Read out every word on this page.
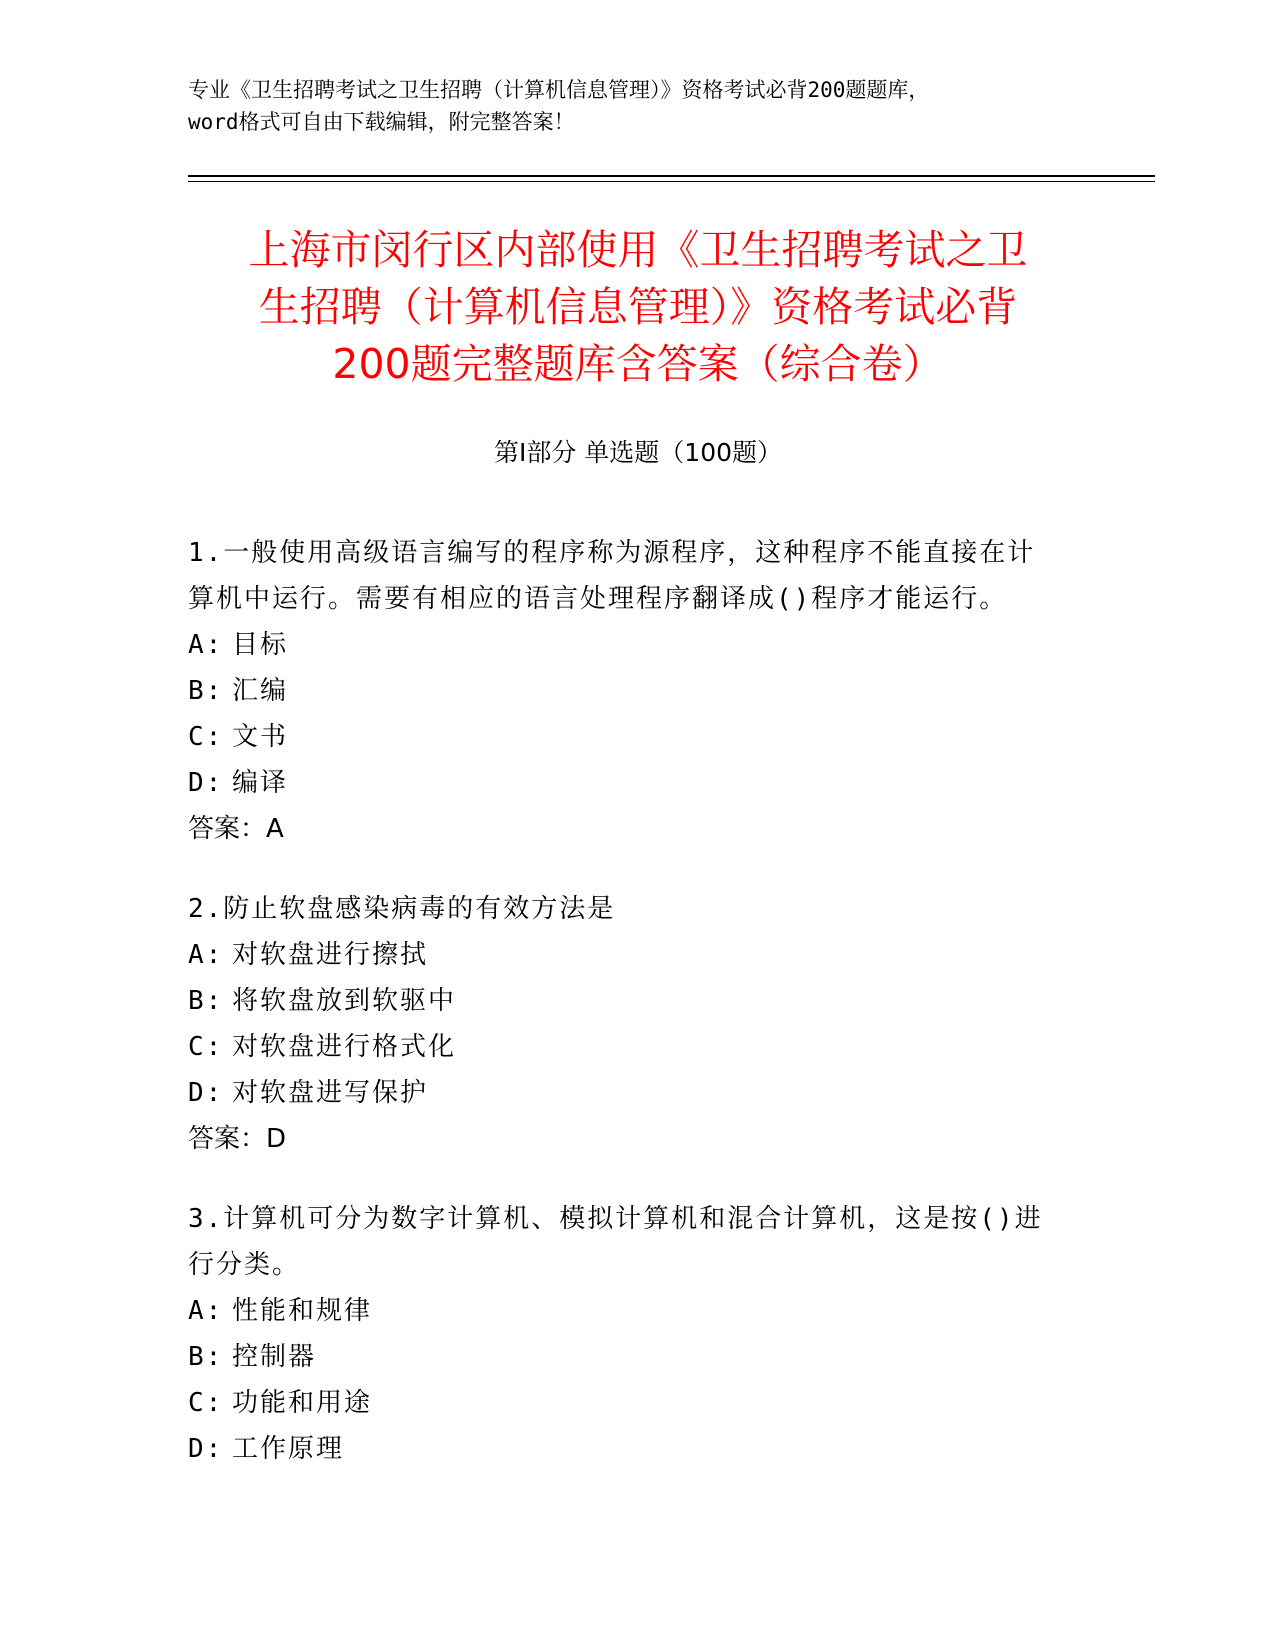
专业《卫生招聘考试之卫生招聘（计算机信息管理）》资格考试必背200题题库，
word格式可自由下载编辑，附完整答案！
上海市闵行区内部使用《卫生招聘考试之卫
生招聘（计算机信息管理）》资格考试必背
200题完整题库含答案（综合卷）
第Ⅰ部分 单选题（100题）
1.一般使用高级语言编写的程序称为源程序，这种程序不能直接在计
算机中运行。需要有相应的语言处理程序翻译成()程序才能运行。
A: 目标
B: 汇编
C: 文书
D: 编译
答案：A
2.防止软盘感染病毒的有效方法是
A: 对软盘进行擦拭
B: 将软盘放到软驱中
C: 对软盘进行格式化
D: 对软盘进写保护
答案：D
3.计算机可分为数字计算机、模拟计算机和混合计算机，这是按()进
行分类。
A: 性能和规律
B: 控制器
C: 功能和用途
D: 工作原理
